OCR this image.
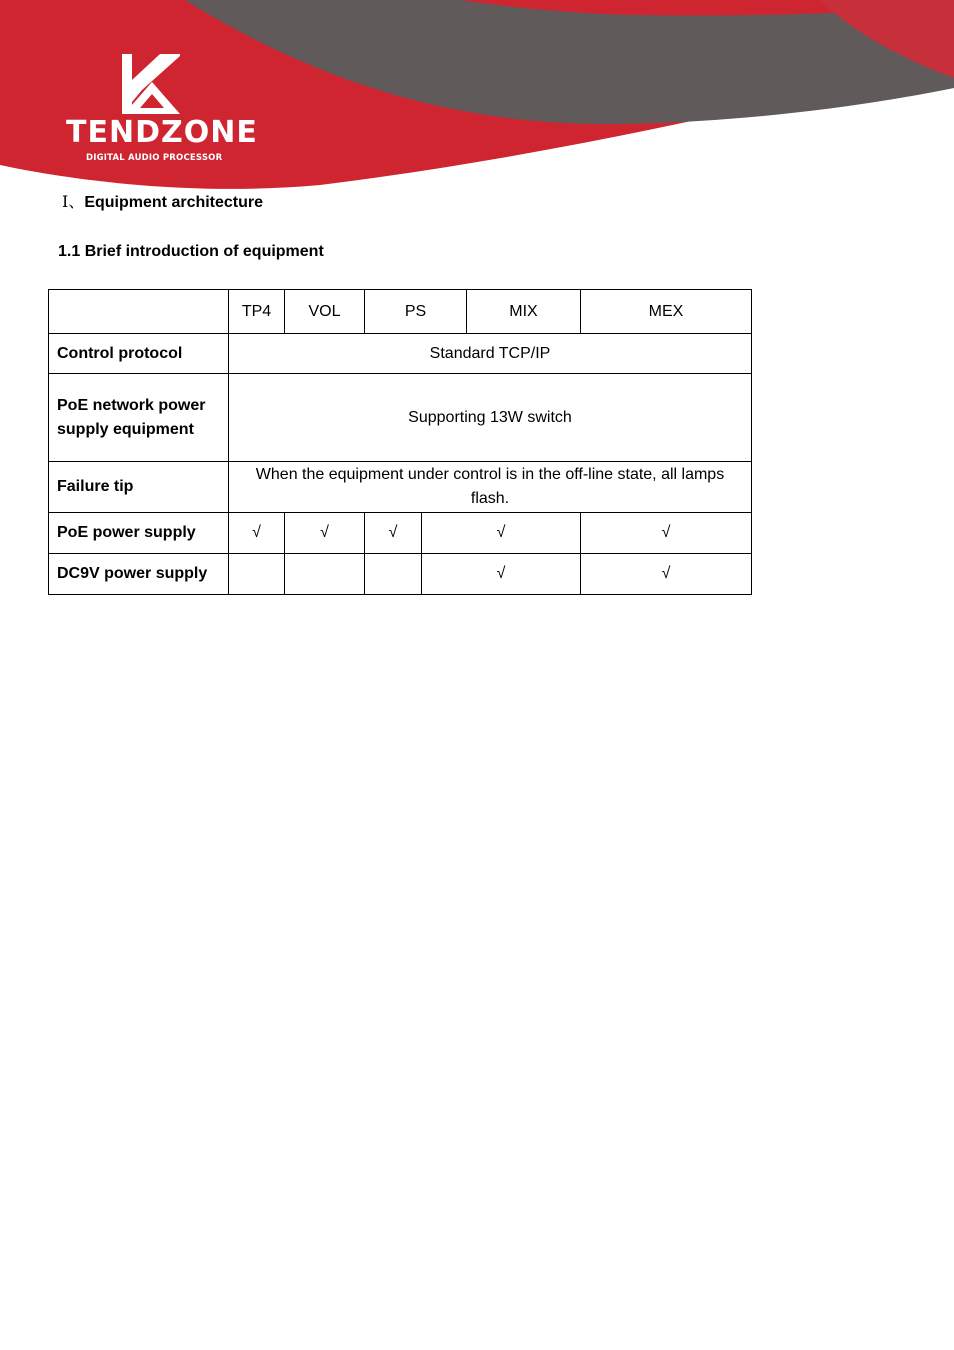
TENDZONE
DIGITAL AUDIO PROCESSOR
Ⅰ、Equipment architecture
1.1 Brief introduction of equipment
	TP4	VOL	PS		MIX	MEX
Control protocol	Standard TCP/IP					
PoE network power supply equipment	Supporting 13W switch					
Failure tip	When the equipment under control is in the off-line state, all lamps flash.					
PoE power supply	√	√	√	√		√
DC9V power supply				√		√
